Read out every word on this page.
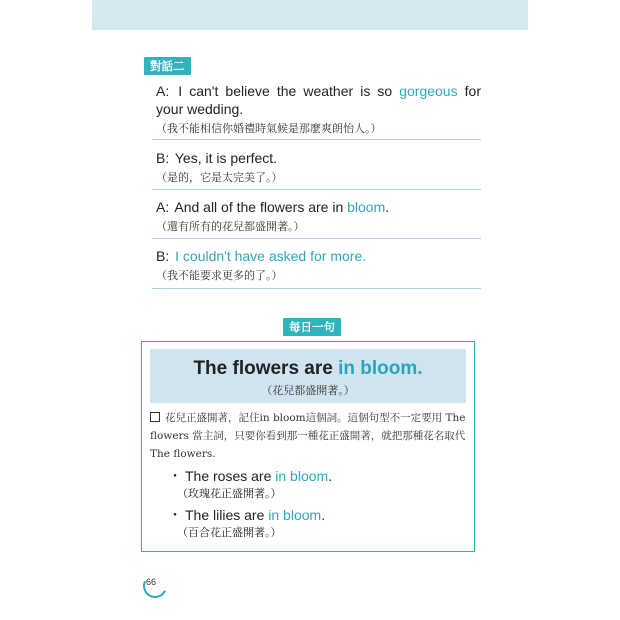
對話二
A: I can't believe the weather is so gorgeous for your wedding.
（我不能相信你婚禮時氣候是那麼爽朗怡人。）
B: Yes, it is perfect.
（是的，它是太完美了。）
A: And all of the flowers are in bloom.
（還有所有的花兒都盛開著。）
B: I couldn't have asked for more.
（我不能要求更多的了。）
每日一句
The flowers are in bloom.
（花兒都盛開著。）
花兒正盛開著，記住in bloom這個詞。這個句型不一定要用 The flowers 當主詞，只要你看到那一種花正盛開著，就把那種花名取代 The flowers.
・ The roses are in bloom.
（玫瑰花正盛開著。）
・ The lilies are in bloom.
（百合花正盛開著。）
66
